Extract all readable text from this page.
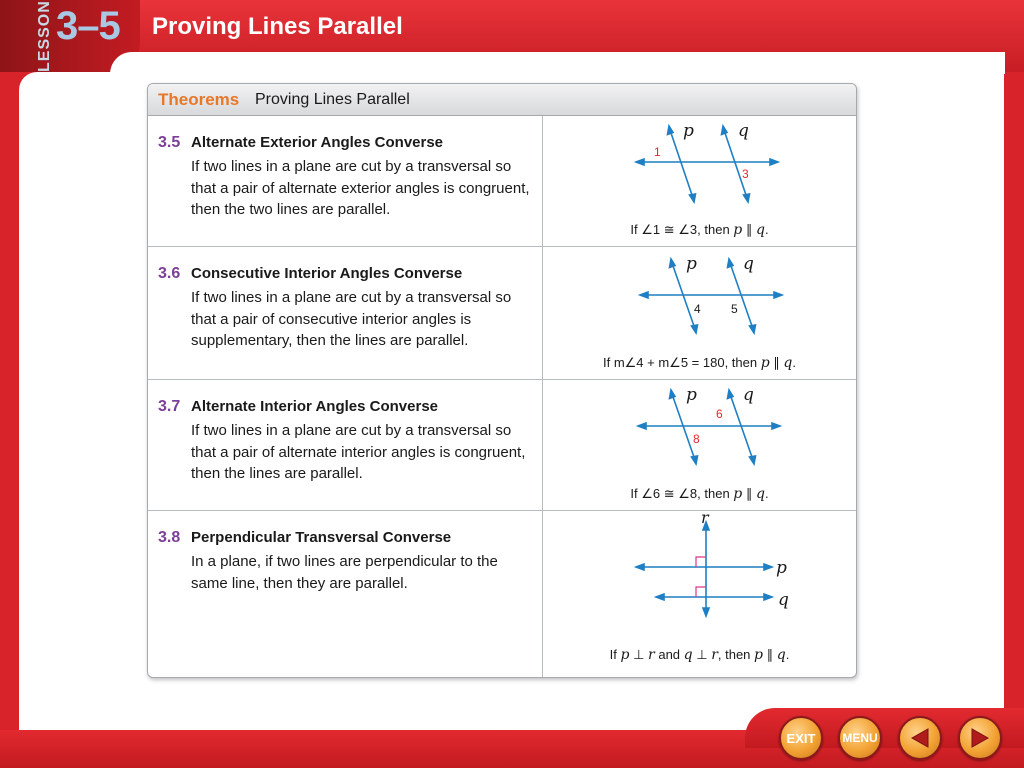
LESSON 3–5 Proving Lines Parallel
Theorems Proving Lines Parallel
3.5 Alternate Exterior Angles Converse
If two lines in a plane are cut by a transversal so that a pair of alternate exterior angles is congruent, then the two lines are parallel.
p	q
1
3
If ∠1 ≅ ∠3, then p ∥ q.
3.6 Consecutive Interior Angles Converse
If two lines in a plane are cut by a transversal so that a pair of consecutive interior angles is supplementary, then the lines are parallel.
p	q
4	5
If m∠4 + m∠5 = 180, then p ∥ q.
3.7 Alternate Interior Angles Converse
If two lines in a plane are cut by a transversal so that a pair of alternate interior angles is congruent, then the lines are parallel.
p	q
6
8
If ∠6 ≅ ∠8, then p ∥ q.
3.8 Perpendicular Transversal Converse
In a plane, if two lines are perpendicular to the same line, then they are parallel.
r
p
q
If p ⊥ r and q ⊥ r, then p ∥ q.
EXIT MENU
